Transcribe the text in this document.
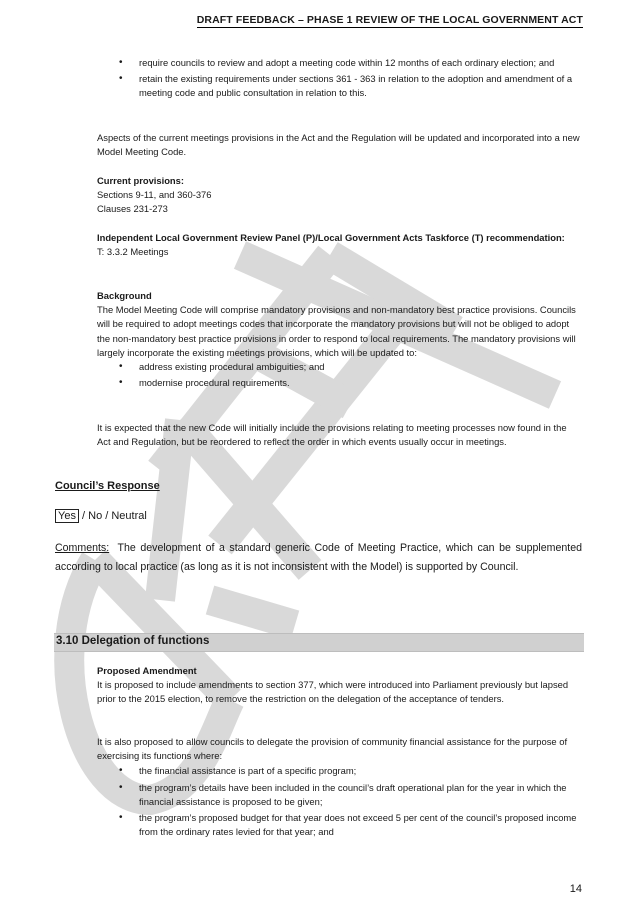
DRAFT FEEDBACK – PHASE 1 REVIEW OF THE LOCAL GOVERNMENT ACT
• require councils to review and adopt a meeting code within 12 months of each ordinary election; and
• retain the existing requirements under sections 361 - 363 in relation to the adoption and amendment of a meeting code and public consultation in relation to this.
Aspects of the current meetings provisions in the Act and the Regulation will be updated and incorporated into a new Model Meeting Code.
Current provisions:
Sections 9-11, and 360-376
Clauses 231-273
Independent Local Government Review Panel (P)/Local Government Acts Taskforce (T) recommendation:
T: 3.3.2 Meetings
Background
The Model Meeting Code will comprise mandatory provisions and non-mandatory best practice provisions. Councils will be required to adopt meetings codes that incorporate the mandatory provisions but will not be obliged to adopt the non-mandatory best practice provisions in order to respond to local requirements. The mandatory provisions will largely incorporate the existing meetings provisions, which will be updated to:
• address existing procedural ambiguities; and
• modernise procedural requirements.
It is expected that the new Code will initially include the provisions relating to meeting processes now found in the Act and Regulation, but be reordered to reflect the order in which events usually occur in meetings.
Council’s Response
Yes / No / Neutral
Comments: The development of a standard generic Code of Meeting Practice, which can be supplemented according to local practice (as long as it is not inconsistent with the Model) is supported by Council.
3.10 Delegation of functions
Proposed Amendment
It is proposed to include amendments to section 377, which were introduced into Parliament previously but lapsed prior to the 2015 election, to remove the restriction on the delegation of the acceptance of tenders.
It is also proposed to allow councils to delegate the provision of community financial assistance for the purpose of exercising its functions where:
• the financial assistance is part of a specific program;
• the program’s details have been included in the council’s draft operational plan for the year in which the financial assistance is proposed to be given;
• the program’s proposed budget for that year does not exceed 5 per cent of the council’s proposed income from the ordinary rates levied for that year; and
14
